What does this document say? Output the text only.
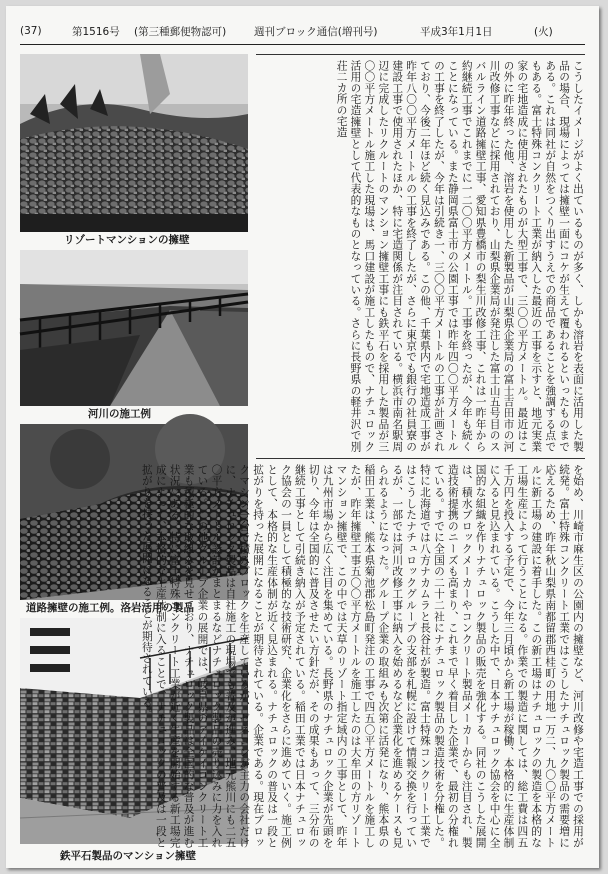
(37)	第1516号	(第三種郵便物認可)	週刊ブロック通信(増刊号)	平成3年1月1日	(火)
リゾートマンションの擁壁
河川の施工例
道路擁壁の施工例。洛岩活用の製品
鉄平石製品のマンション擁壁
こうしたイメージがよく出ているものが多く、しかも溶岩を表面に活用した製品の場合、現場によっては擁壁一面にコケが生えて覆われるといったものまである。これは同社が自然をつくり出すうえでの商品であることを強調する点でもある。富士特殊コンクリート工業が納入した最近の工事を示すと、地元実業家の宅地造成に使用されたものが大型工事で、三〇〇平方メートル。最近はこの外に昨年終った他、溶岩を使用した新製品が山梨県企業局の富士吉田市の河川改修工事などに採用されており、山梨県企業局が発注した富士山五号目のスバルライン道路擁壁工事、愛知県豊橋市の梨生川改修工事、これは一昨年から約継続工事でこれまでに一二〇〇平方メートル。工事を終ったが、今年も続くことになっている。また静岡県富士市の公園工事では昨年四〇〇平方メートルの工事を終了したが、今年は引続き一、三〇〇平方メートルの工事が計画されており、今後二年ほど続く見込みである。この他、千葉県内で宅地造成工事が昨年八〇〇平方メートルの工事を終了したが、さらに東京でも銀行の社員寮の建設工事で使用されたほか、特に宅造関係が注目されている。横浜市南名駅周辺に完成したリクルートのマンション擁壁工事にも鉄平石を採用した製品が三〇〇平方メートル施工した現場は、馬口建設が施工したもので、ナチュロック活用の宅造擁壁として代表的なものとなっている。さらに長野県の軽井沢で別荘二カ所の宅造
を始め、川崎市麻生区の公園内の擁壁など、河川改修や宅造工事での採用が続発。富士特殊コンクリート工業ではこうしたナチュロック製品の需要増に応えるため、昨年秋山梨県南都留郡西桂町の用地一万二、九〇〇平方メートルに新工場の建設に着手した。この新工場はナチュロックの製造を本格的な工場生産によって行うことになる。作業での製造に関しては、総工費は四五千万円を投入する予定で、今年三月頃から新工場が稼働、本格的に生産体制に入ると見込まれている。こうした中で、日本ナチュロック協会を中心に全国的な組織を作りナチュロック製品の販売を強化する。同社のこうした展開は、積水ブロックメーカーやコンクリート製品メーカーからも注目され、製造技術提携のニーズも高まり、これまで早く着目した企業で、最初の分権れている。すでに全国の二十二社にナチュロック製品の製造技術を分権した。特に北海道では八方ナカムラと長谷社が製造。富士特殊コンクリート工業ではこうしたナチュロックグループの支部を札幌に設けて情報交換を行っているが、一部では河川改修工事に納入を始めるなど企業化を進めるケースも見られるようになった。グループ企業の取組みも次第に活発になり、熊本県の稲田工業は、熊本県菊池郡松島町発注の工事で四五〇平方メートルを施工したが、昨年擁壁工事五〇〇平方メートルを施工したのは大牟田の方リゾートマンション擁壁で、この中では天草のリゾート指定域内の工事として、昨年は九州市場から広く注目を集めている。長野県のナチュロック企業が先頭を切り、今年は全国的に普及させたい方針だが、その成果もあって、三分布の継続工事として引続き納入が予定されている。稲田工業では日本ナチュロック協会の一員として積極的な技術研究、企業化をさらに進めていく。施工例として、本格的な生産体制が近く見込まれる。ナチュロックの普及は一段と拡がりを持った展開になることが期待されている。企業である。現在ブロックマシン一台で積みブロックを生産しているが、ゼネコンが主力の会社だけに、ナチュロック製品は自社施工の現場でも普及が進み、地元熊川にも二五〇平方メートル設計がまとまるなどナチュロック製品の売り込みに力を入れている。この他グループ企業の展開では、岐阜県のアイケイコンクリート工業も積極的な取組みを見せており、ナチュロック製品は全国的な普及が進む状況にある。特に富士特殊コンクリート工業が近く生産を開始する新工場完成によって、本格的な生産体制に入ることで、ナチュロックの普及は一段と拡がりを持った展開になることが期待されている。
